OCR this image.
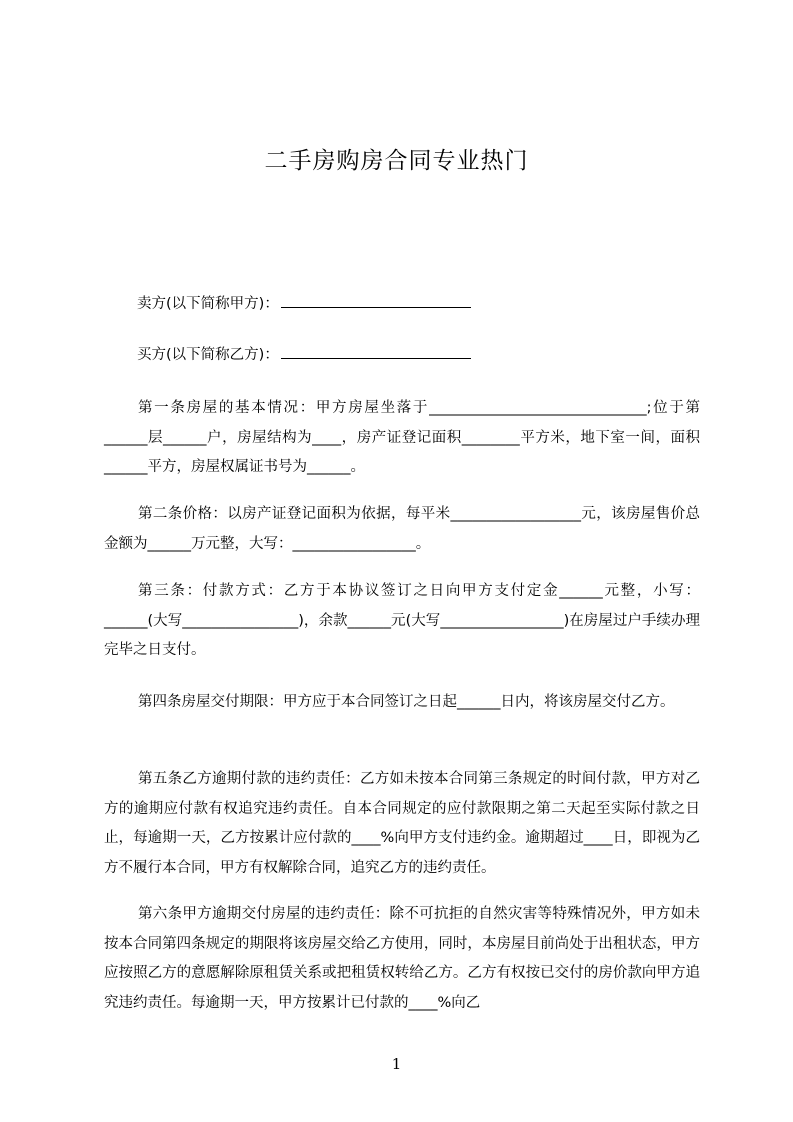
二手房购房合同专业热门
卖方(以下简称甲方)：
买方(以下简称乙方)：
第一条房屋的基本情况：甲方房屋坐落于______________________________;位于第______层______户，房屋结构为____，房产证登记面积________平方米，地下室一间，面积______平方，房屋权属证书号为______。
第二条价格：以房产证登记面积为依据，每平米__________________元，该房屋售价总金额为______万元整，大写：_________________。
第三条：付款方式：乙方于本协议签订之日向甲方支付定金______元整，小写：______(大写________________)，余款______元(大写_________________)在房屋过户手续办理完毕之日支付。
第四条房屋交付期限：甲方应于本合同签订之日起______日内，将该房屋交付乙方。
第五条乙方逾期付款的违约责任：乙方如未按本合同第三条规定的时间付款，甲方对乙方的逾期应付款有权追究违约责任。自本合同规定的应付款限期之第二天起至实际付款之日止，每逾期一天，乙方按累计应付款的____%向甲方支付违约金。逾期超过____日，即视为乙方不履行本合同，甲方有权解除合同，追究乙方的违约责任。
第六条甲方逾期交付房屋的违约责任：除不可抗拒的自然灾害等特殊情况外，甲方如未按本合同第四条规定的期限将该房屋交给乙方使用，同时，本房屋目前尚处于出租状态，甲方应按照乙方的意愿解除原租赁关系或把租赁权转给乙方。乙方有权按已交付的房价款向甲方追究违约责任。每逾期一天，甲方按累计已付款的____%向乙
1
